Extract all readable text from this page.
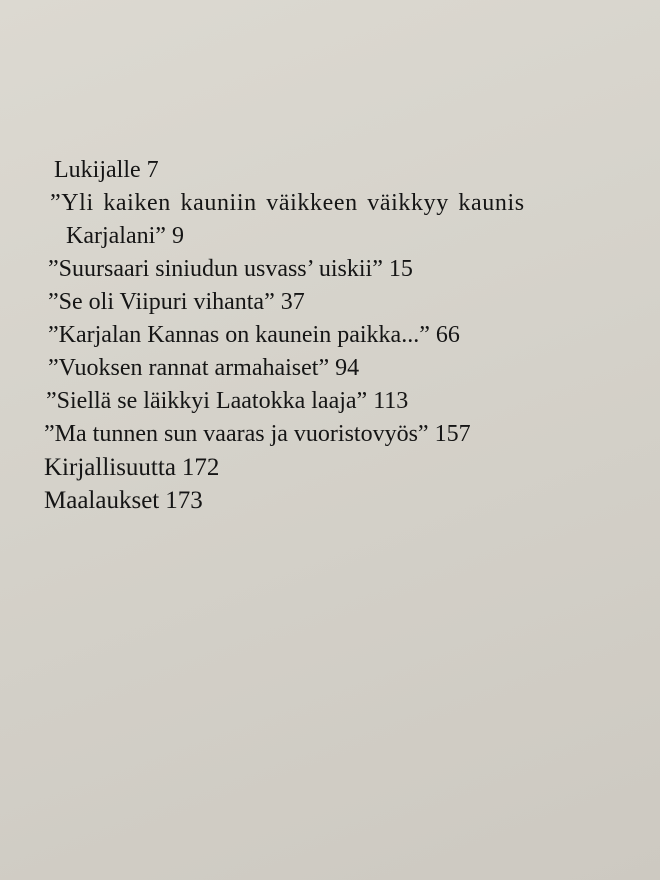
Lukijalle 7

”Yli kaiken kauniin väikkeen väikkyy kaunis

Karjalani” 9

”Suursaari siniudun usvass’ uiskii” 15

”Se oli Viipuri vihanta” 37

”Karjalan Kannas on kaunein paikka...” 66

”Vuoksen rannat armahaiset” 94

”Siellä se läikkyi Laatokka laaja” 113

”Ma tunnen sun vaaras ja vuoristovyös” 157

Kirjallisuutta 172

Maalaukset 173
